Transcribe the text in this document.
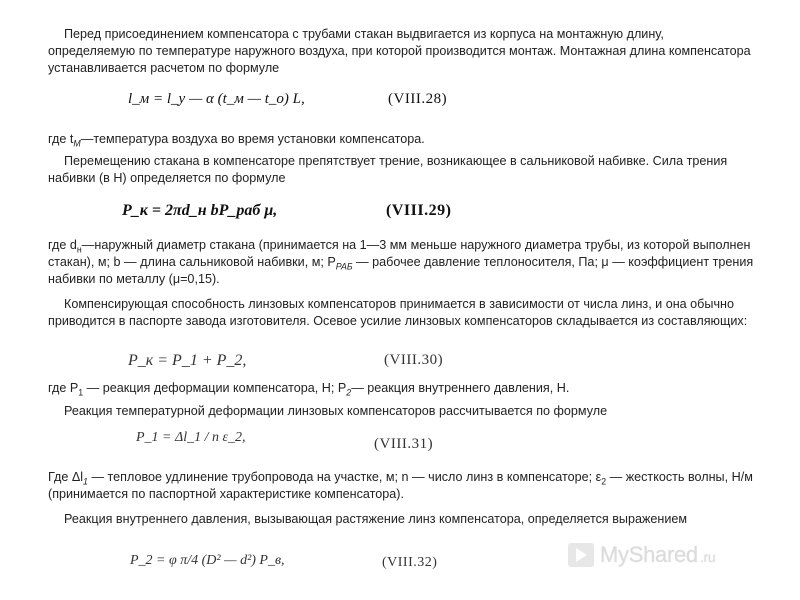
Перед присоединением компенсатора с трубами стакан выдвигается из корпуса на монтажную длину, определяемую по температуре наружного воздуха, при которой производится монтаж. Монтажная длина компенсатора устанавливается расчетом по формуле
l_м = l_у — α (t_м — t_о) L,	(VIII.28)
где $t_М—температура$ воздуха во время установки компенсатора.
Перемещению стакана в компенсаторе препятствует трение, возникающее в сальниковой набивке. Сила трения набивки (в Н) определяется по формуле
P_к = 2πd_н bP_раб μ,	(VIII.29)
где $d_н—наружный$ диаметр стакана (принимается на 1—3 мм меньше наружного диаметра трубы, из которой выполнен стакан), м; b — длина сальниковой набивки, м; $P_{РАБ}$ — рабочее давление теплоносителя, Па; μ — коэффициент трения набивки по металлу (μ=0,15).
Компенсирующая способность линзовых компенсаторов принимается в зависимости от числа линз, и она обычно приводится в паспорте завода изготовителя. Осевое усилие линзовых компенсаторов складывается из составляющих:
P_к = P_1 + P_2,	(VIII.30)
где $P_1$ — реакция деформации компенсатора, Н; $P_2—$ реакция внутреннего давления, Н.
Реакция температурной деформации линзовых компенсаторов рассчитывается по формуле
P_1 = Δl_1 / n ε_2,	(VIII.31)
Где $\Delta l_1$ — тепловое удлинение трубопровода на участке, м; n — число линз в компенсаторе; $\varepsilon_2$ — жесткость волны, Н/м (принимается по паспортной характеристике компенсатора).
Реакция внутреннего давления, вызывающая растяжение линз компенсатора, определяется выражением
P_2 = φ π/4 (D² — d²) P_в,	(VIII.32)	MyShared .ru
